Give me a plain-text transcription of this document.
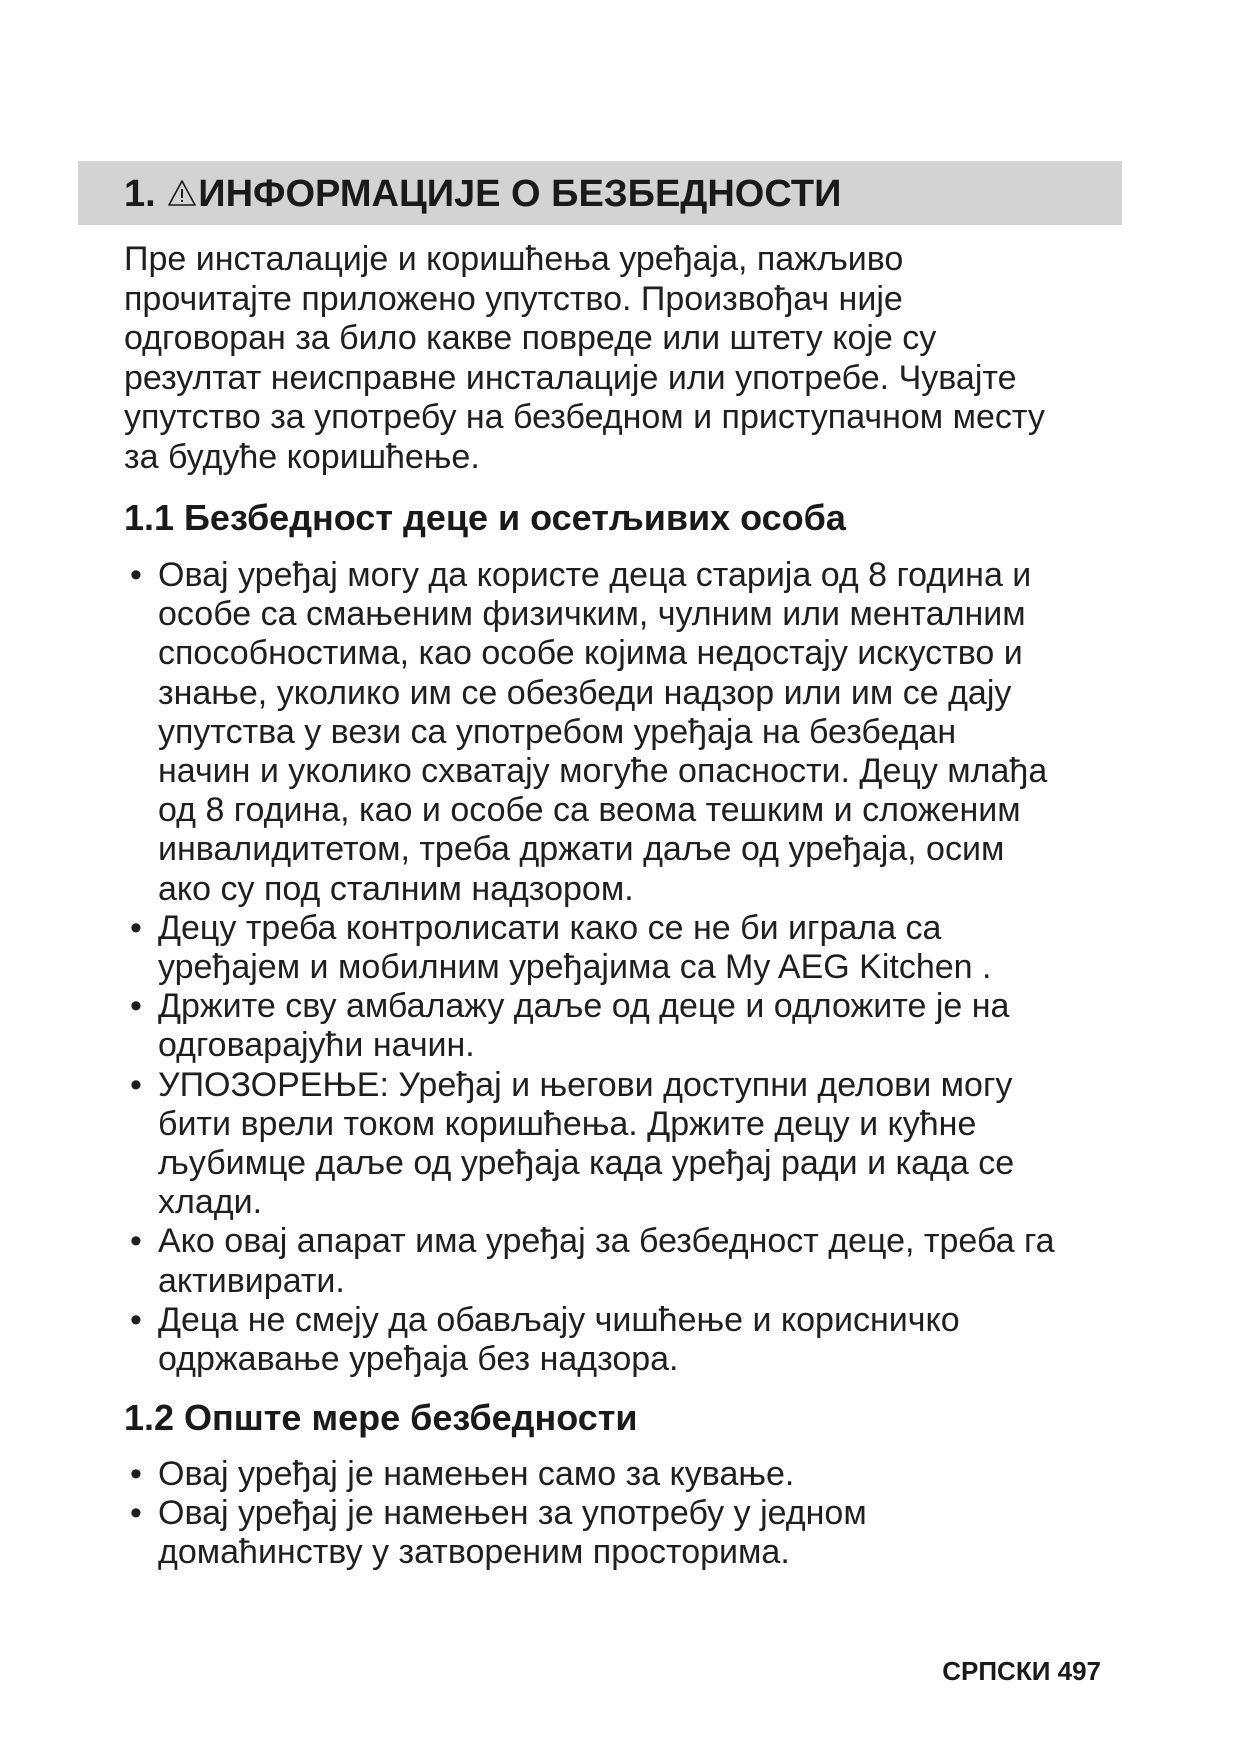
1. ИНФОРМАЦИЈЕ О БЕЗБЕДНОСТИ

Пре инсталације и коришћења уређаја, пажљиво
прочитајте приложено упутство. Произвођач није
одговоран за било какве повреде или штету које су
резултат неисправне инсталације или употребе. Чувајте
упутство за употребу на безбедном и приступачном месту
за будуће коришћење.

1.1 Безбедност деце и осетљивих особа
• Овај уређај могу да користе деца старија од 8 година и
особе са смањеним физичким, чулним или менталним
способностима, као особе којима недостају искуство и
знање, уколико им се обезбеди надзор или им се дају
упутства у вези са употребом уређаја на безбедан
начин и уколико схватају могуће опасности. Децу млађа
од 8 година, као и особе са веома тешким и сложеним
инвалидитетом, треба држати даље од уређаја, осим
ако су под сталним надзором.
• Децу треба контролисати како се не би играла са
уређајем и мобилним уређајима са My AEG Kitchen .
• Држите сву амбалажу даље од деце и одложите је на
одговарајући начин.
• УПОЗОРЕЊЕ: Уређај и његови доступни делови могу
бити врели током коришћења. Држите децу и кућне
љубимце даље од уређаја када уређај ради и када се
хлади.
• Ако овај апарат има уређај за безбедност деце, треба га
активирати.
• Деца не смеју да обављају чишћење и корисничко
одржавање уређаја без надзора.
1.2 Опште мере безбедности
• Овај уређај је намењен само за кување.
• Овај уређај је намењен за употребу у једном
домаћинству у затвореним просторима.
СРПСКИ 497
